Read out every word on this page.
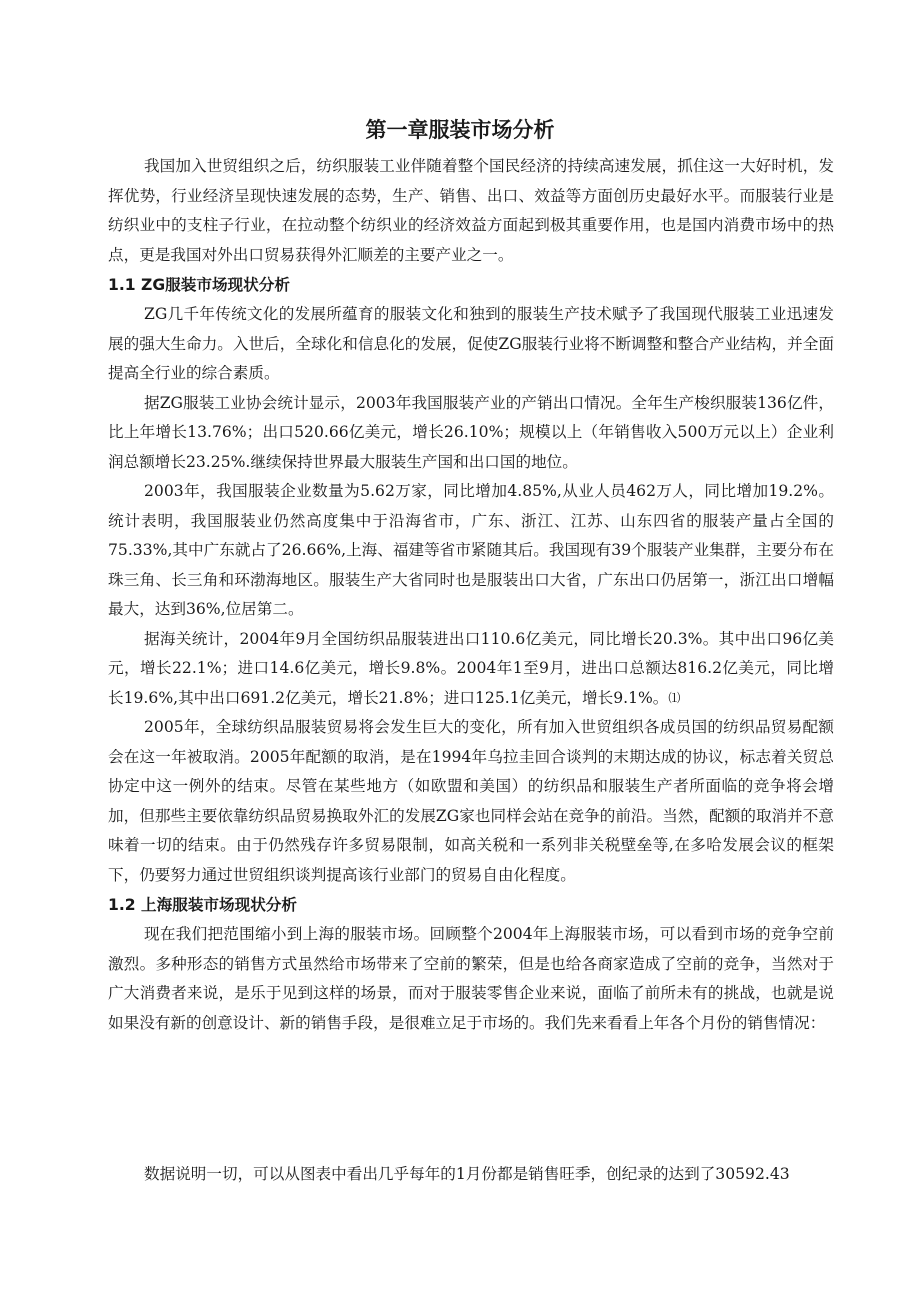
第一章服装市场分析

我国加入世贸组织之后，纺织服装工业伴随着整个国民经济的持续高速发展，抓住这一大好时机，发挥优势，行业经济呈现快速发展的态势，生产、销售、出口、效益等方面创历史最好水平。而服装行业是纺织业中的支柱子行业，在拉动整个纺织业的经济效益方面起到极其重要作用，也是国内消费市场中的热点，更是我国对外出口贸易获得外汇顺差的主要产业之一。

1.1 ZG服装市场现状分析

ZG几千年传统文化的发展所蕴育的服装文化和独到的服装生产技术赋予了我国现代服装工业迅速发展的强大生命力。入世后，全球化和信息化的发展，促使ZG服装行业将不断调整和整合产业结构，并全面提高全行业的综合素质。

据ZG服装工业协会统计显示，2003年我国服装产业的产销出口情况。全年生产梭织服装136亿件，比上年增长13.76%；出口520.66亿美元，增长26.10%；规模以上（年销售收入500万元以上）企业利润总额增长23.25%.继续保持世界最大服装生产国和出口国的地位。

2003年，我国服装企业数量为5.62万家，同比增加4.85%,从业人员462万人，同比增加19.2%。统计表明，我国服装业仍然高度集中于沿海省市，广东、浙江、江苏、山东四省的服装产量占全国的75.33%,其中广东就占了26.66%,上海、福建等省市紧随其后。我国现有39个服装产业集群，主要分布在珠三角、长三角和环渤海地区。服装生产大省同时也是服装出口大省，广东出口仍居第一，浙江出口增幅最大，达到36%,位居第二。

据海关统计，2004年9月全国纺织品服装进出口110.6亿美元，同比增长20.3%。其中出口96亿美元，增长22.1%；进口14.6亿美元，增长9.8%。2004年1至9月，进出口总额达816.2亿美元，同比增长19.6%,其中出口691.2亿美元，增长21.8%；进口125.1亿美元，增长9.1%。⑴

2005年，全球纺织品服装贸易将会发生巨大的变化，所有加入世贸组织各成员国的纺织品贸易配额会在这一年被取消。2005年配额的取消，是在1994年乌拉圭回合谈判的末期达成的协议，标志着关贸总协定中这一例外的结束。尽管在某些地方（如欧盟和美国）的纺织品和服装生产者所面临的竞争将会增加，但那些主要依靠纺织品贸易换取外汇的发展ZG家也同样会站在竞争的前沿。当然，配额的取消并不意味着一切的结束。由于仍然残存许多贸易限制，如高关税和一系列非关税壁垒等,在多哈发展会议的框架下，仍要努力通过世贸组织谈判提高该行业部门的贸易自由化程度。

1.2 上海服装市场现状分析

现在我们把范围缩小到上海的服装市场。回顾整个2004年上海服装市场，可以看到市场的竞争空前激烈。多种形态的销售方式虽然给市场带来了空前的繁荣，但是也给各商家造成了空前的竞争，当然对于广大消费者来说，是乐于见到这样的场景，而对于服装零售企业来说，面临了前所未有的挑战，也就是说如果没有新的创意设计、新的销售手段，是很难立足于市场的。我们先来看看上年各个月份的销售情况：

数据说明一切，可以从图表中看出几乎每年的1月份都是销售旺季，创纪录的达到了30592.43
